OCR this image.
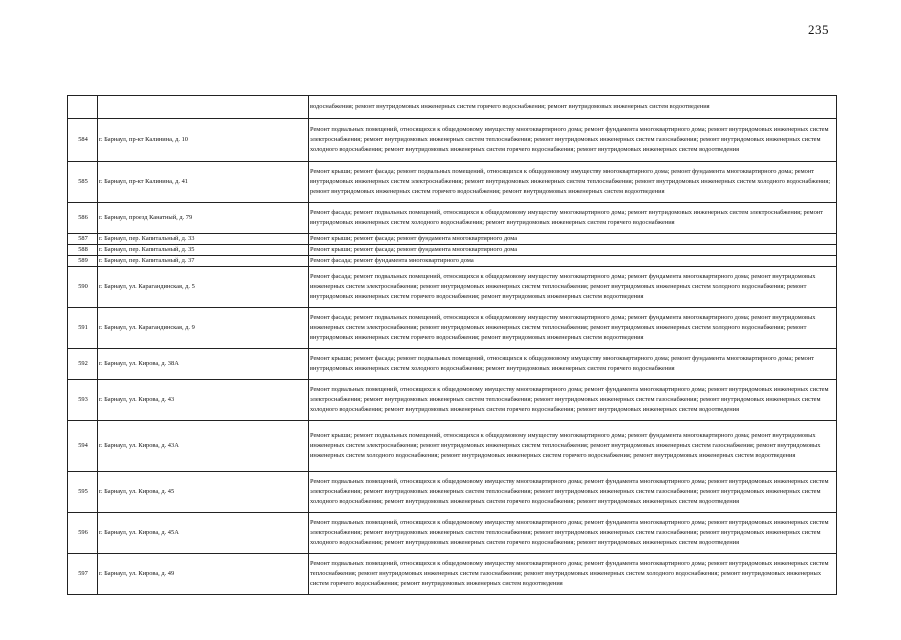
235
		водоснабжения; ремонт внутридомовых инженерных систем горячего водоснабжения; ремонт внутридомовых инженерных систем водоотведения
584	г. Барнаул, пр-кт Калинина, д. 10	Ремонт подвальных помещений, относящихся к общедомовому имуществу многоквартирного дома; ремонт фундамента многоквартирного дома; ремонт внутридомовых инженерных систем электроснабжения; ремонт внутридомовых инженерных систем теплоснабжения; ремонт внутридомовых инженерных систем газоснабжения; ремонт внутридомовых инженерных систем холодного водоснабжения; ремонт внутридомовых инженерных систем горячего водоснабжения; ремонт внутридомовых инженерных систем водоотведения
585	г. Барнаул, пр-кт Калинина, д. 41	Ремонт крыши; ремонт фасада; ремонт подвальных помещений, относящихся к общедомовому имуществу многоквартирного дома; ремонт фундамента многоквартирного дома; ремонт внутридомовых инженерных систем электроснабжения; ремонт внутридомовых инженерных систем теплоснабжения; ремонт внутридомовых инженерных систем холодного водоснабжения; ремонт внутридомовых инженерных систем горячего водоснабжения; ремонт внутридомовых инженерных систем водоотведения
586	г. Барнаул, проезд Канатный, д. 79	Ремонт фасада; ремонт подвальных помещений, относящихся к общедомовому имуществу многоквартирного дома; ремонт внутридомовых инженерных систем электроснабжения; ремонт внутридомовых инженерных систем холодного водоснабжения; ремонт внутридомовых инженерных систем горячего водоснабжения
587	г. Барнаул, пер. Капитальный, д. 33	Ремонт крыши; ремонт фасада; ремонт фундамента многоквартирного дома
588	г. Барнаул, пер. Капитальный, д. 35	Ремонт крыши; ремонт фасада; ремонт фундамента многоквартирного дома
589	г. Барнаул, пер. Капитальный, д. 37	Ремонт фасада; ремонт фундамента многоквартирного дома
590	г. Барнаул, ул. Карагандинская, д. 5	Ремонт фасада; ремонт подвальных помещений, относящихся к общедомовому имуществу многоквартирного дома; ремонт фундамента многоквартирного дома; ремонт внутридомовых инженерных систем электроснабжения; ремонт внутридомовых инженерных систем теплоснабжения; ремонт внутридомовых инженерных систем холодного водоснабжения; ремонт внутридомовых инженерных систем горячего водоснабжения; ремонт внутридомовых инженерных систем водоотведения
591	г. Барнаул, ул. Карагандинская, д. 9	Ремонт фасада; ремонт подвальных помещений, относящихся к общедомовому имуществу многоквартирного дома; ремонт фундамента многоквартирного дома; ремонт внутридомовых инженерных систем электроснабжения; ремонт внутридомовых инженерных систем теплоснабжения; ремонт внутридомовых инженерных систем холодного водоснабжения; ремонт внутридомовых инженерных систем горячего водоснабжения; ремонт внутридомовых инженерных систем водоотведения
592	г. Барнаул, ул. Кирова, д. 38А	Ремонт крыши; ремонт фасада; ремонт подвальных помещений, относящихся к общедомовому имуществу многоквартирного дома; ремонт фундамента многоквартирного дома; ремонт внутридомовых инженерных систем холодного водоснабжения; ремонт внутридомовых инженерных систем горячего водоснабжения
593	г. Барнаул, ул. Кирова, д. 43	Ремонт подвальных помещений, относящихся к общедомовому имуществу многоквартирного дома; ремонт фундамента многоквартирного дома; ремонт внутридомовых инженерных систем электроснабжения; ремонт внутридомовых инженерных систем теплоснабжения; ремонт внутридомовых инженерных систем газоснабжения; ремонт внутридомовых инженерных систем холодного водоснабжения; ремонт внутридомовых инженерных систем горячего водоснабжения; ремонт внутридомовых инженерных систем водоотведения
594	г. Барнаул, ул. Кирова, д. 43А	Ремонт крыши; ремонт подвальных помещений, относящихся к общедомовому имуществу многоквартирного дома; ремонт фундамента многоквартирного дома; ремонт внутридомовых инженерных систем электроснабжения; ремонт внутридомовых инженерных систем теплоснабжения; ремонт внутридомовых инженерных систем газоснабжения; ремонт внутридомовых инженерных систем холодного водоснабжения; ремонт внутридомовых инженерных систем горячего водоснабжения; ремонт внутридомовых инженерных систем водоотведения
595	г. Барнаул, ул. Кирова, д. 45	Ремонт подвальных помещений, относящихся к общедомовому имуществу многоквартирного дома; ремонт фундамента многоквартирного дома; ремонт внутридомовых инженерных систем электроснабжения; ремонт внутридомовых инженерных систем теплоснабжения; ремонт внутридомовых инженерных систем газоснабжения; ремонт внутридомовых инженерных систем холодного водоснабжения; ремонт внутридомовых инженерных систем горячего водоснабжения; ремонт внутридомовых инженерных систем водоотведения
596	г. Барнаул, ул. Кирова, д. 45А	Ремонт подвальных помещений, относящихся к общедомовому имуществу многоквартирного дома; ремонт фундамента многоквартирного дома; ремонт внутридомовых инженерных систем электроснабжения; ремонт внутридомовых инженерных систем теплоснабжения; ремонт внутридомовых инженерных систем газоснабжения; ремонт внутридомовых инженерных систем холодного водоснабжения; ремонт внутридомовых инженерных систем горячего водоснабжения; ремонт внутридомовых инженерных систем водоотведения
597	г. Барнаул, ул. Кирова, д. 49	Ремонт подвальных помещений, относящихся к общедомовому имуществу многоквартирного дома; ремонт фундамента многоквартирного дома; ремонт внутридомовых инженерных систем теплоснабжения; ремонт внутридомовых инженерных систем газоснабжения; ремонт внутридомовых инженерных систем холодного водоснабжения; ремонт внутридомовых инженерных систем горячего водоснабжения; ремонт внутридомовых инженерных систем водоотведения
